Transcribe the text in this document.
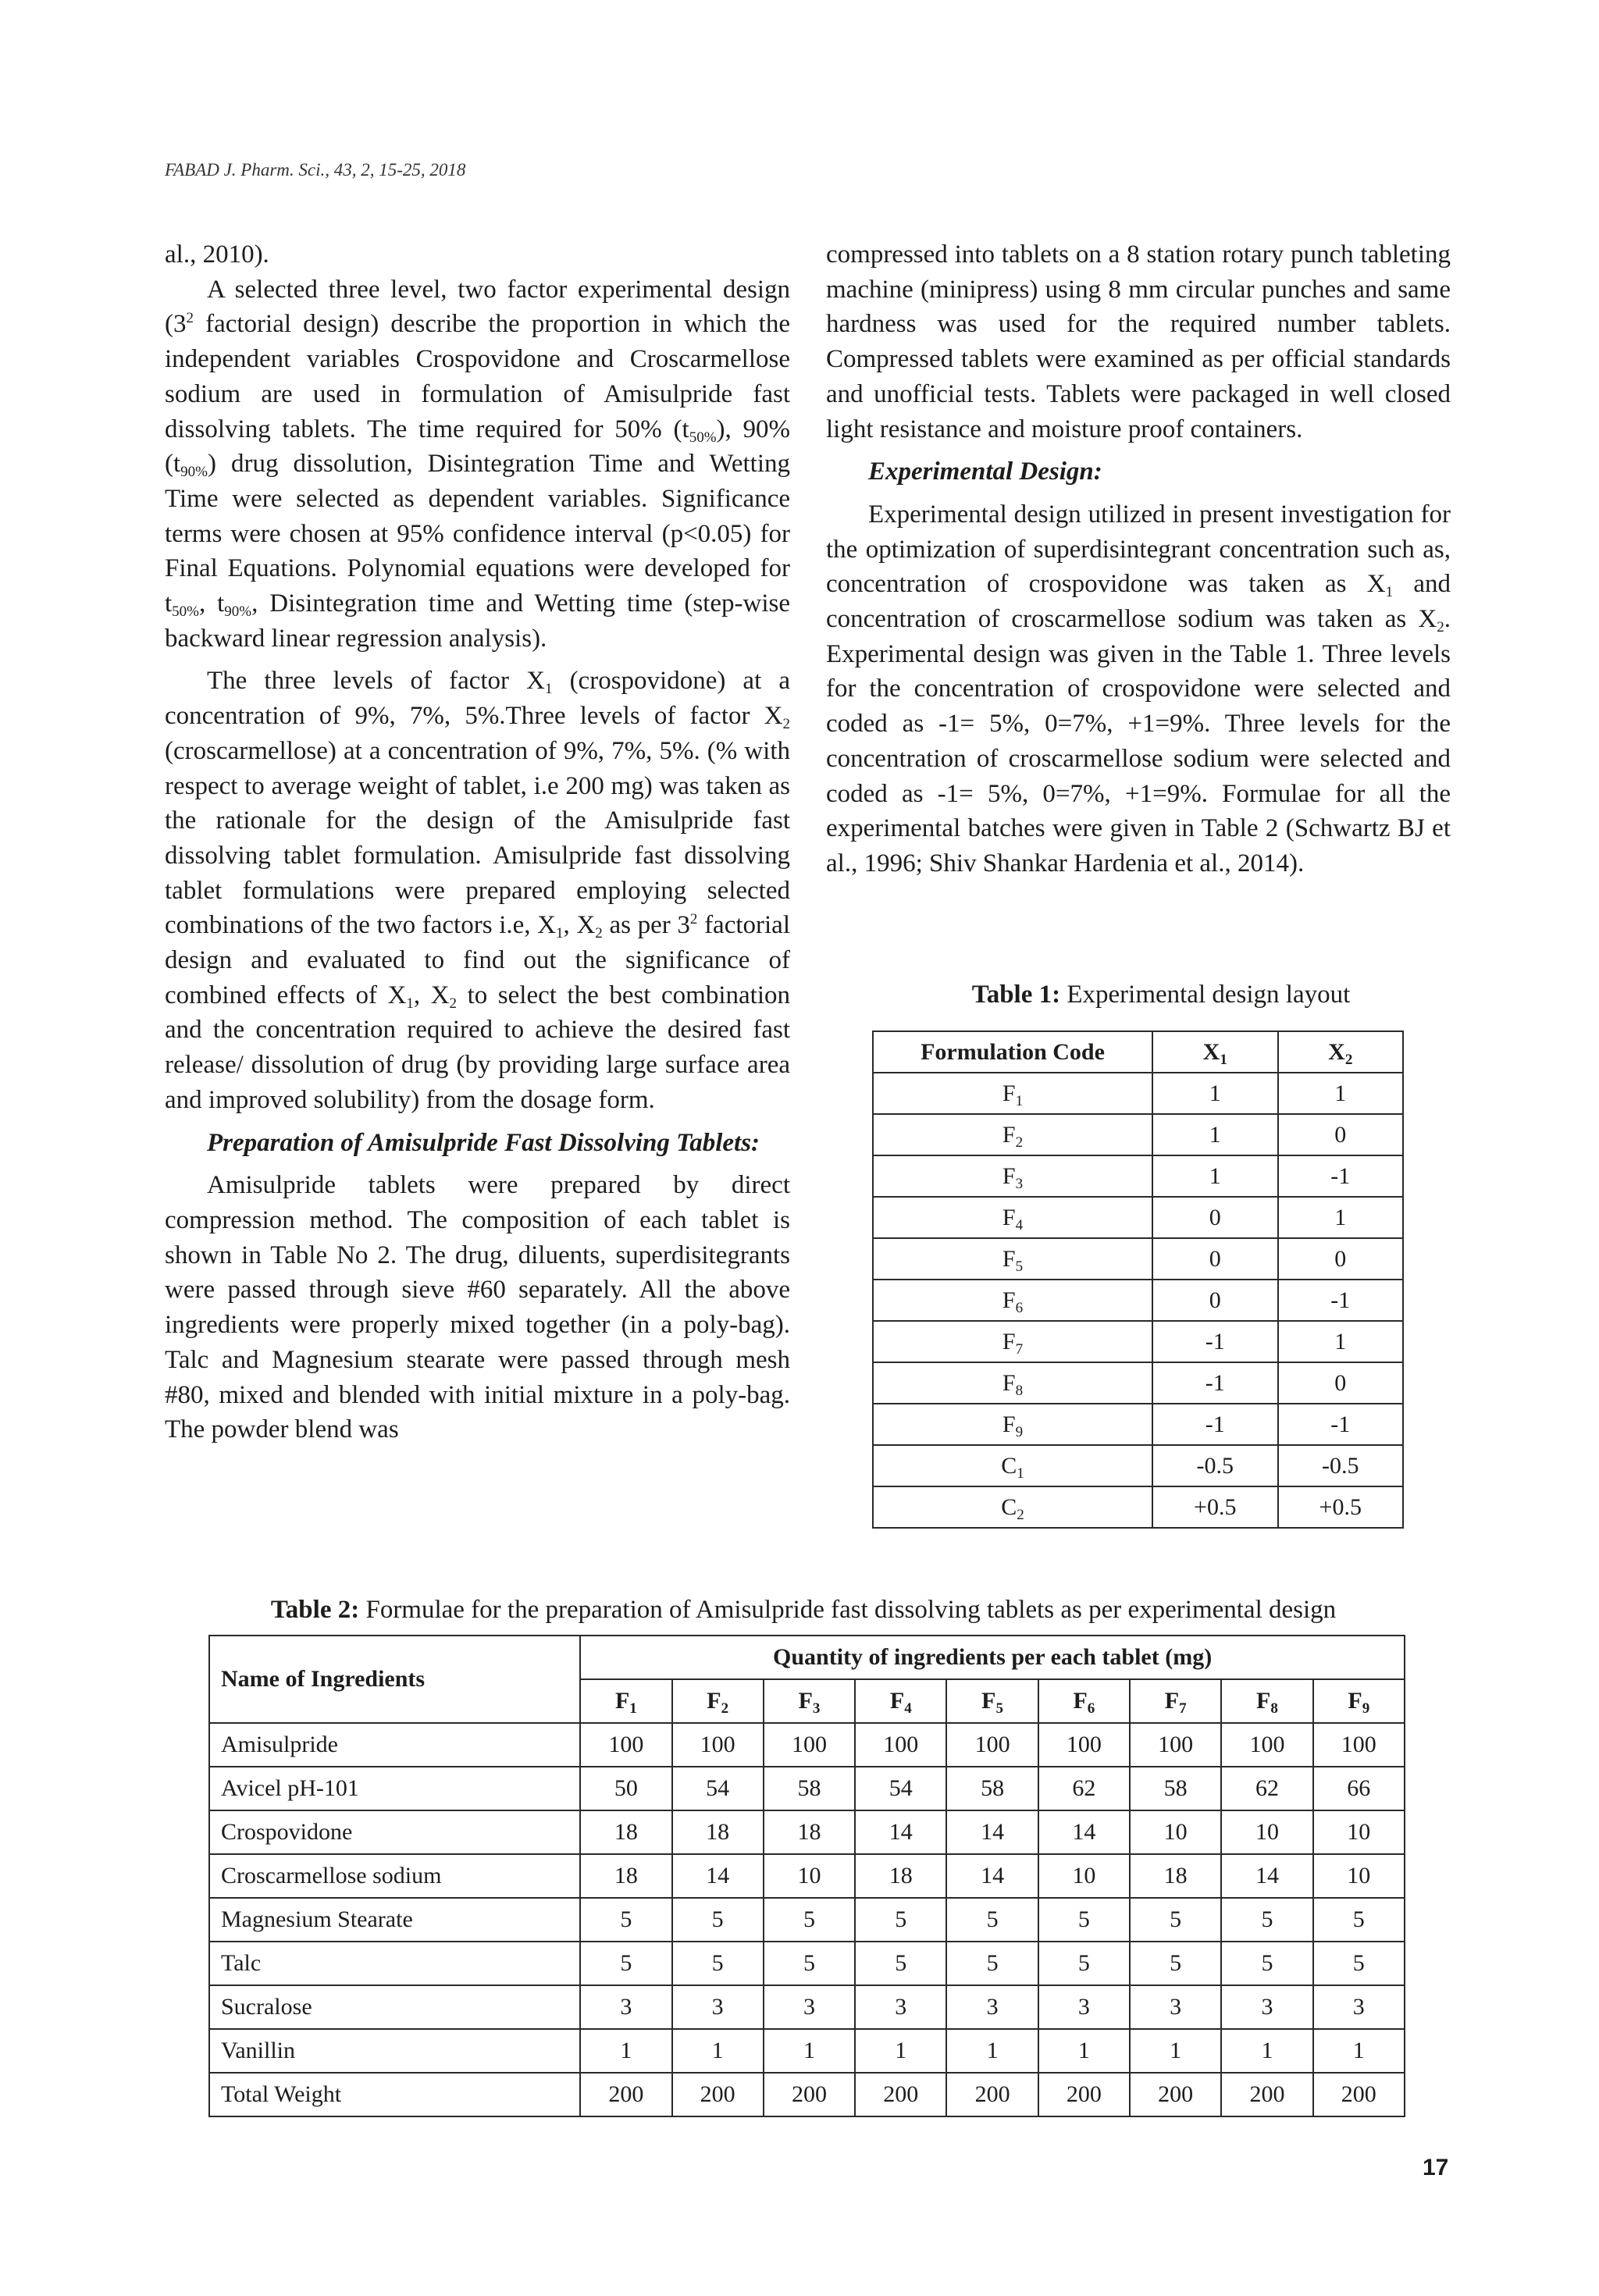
FABAD J. Pharm. Sci., 43, 2, 15-25, 2018

al., 2010).

A selected three level, two factor experimental design ($3^2$ factorial design) describe the proportion in which the independent variables Crospovidone and Croscarmellose sodium are used in formulation of Amisulpride fast dissolving tablets. The time required for 50% $(t_{50\%})$, 90% $(t_{90\%})$ drug dissolution, Disintegration Time and Wetting Time were selected as dependent variables. Significance terms were chosen at 95% confidence interval (p<0.05) for Final Equations. Polynomial equations were developed for $t_{50\%}$, $t_{90\%}$, Disintegration time and Wetting time (step-wise backward linear regression analysis).

The three levels of factor $X_1$ (crospovidone) at a concentration of 9%, 7%, 5%.Three levels of factor $X_2$ (croscarmellose) at a concentration of 9%, 7%, 5%. (% with respect to average weight of tablet, i.e 200 mg) was taken as the rationale for the design of the Amisulpride fast dissolving tablet formulation. Amisulpride fast dissolving tablet formulations were prepared employing selected combinations of the two factors i.e, $X_1$, $X_2$ as per $3^2$ factorial design and evaluated to find out the significance of combined effects of $X_1$, $X_2$ to select the best combination and the concentration required to achieve the desired fast release/ dissolution of drug (by providing large surface area and improved solubility) from the dosage form.

Preparation of Amisulpride Fast Dissolving Tablets:

Amisulpride tablets were prepared by direct compression method. The composition of each tablet is shown in Table No 2. The drug, diluents, superdisitegrants were passed through sieve #60 separately. All the above ingredients were properly mixed together (in a poly-bag). Talc and Magnesium stearate were passed through mesh #80, mixed and blended with initial mixture in a poly-bag. The powder blend was

compressed into tablets on a 8 station rotary punch tableting machine (minipress) using 8 mm circular punches and same hardness was used for the required number tablets. Compressed tablets were examined as per official standards and unofficial tests. Tablets were packaged in well closed light resistance and moisture proof containers.

Experimental Design:

Experimental design utilized in present investigation for the optimization of superdisintegrant concentration such as, concentration of crospovidone was taken as $X_1$ and concentration of croscarmellose sodium was taken as $X_2$. Experimental design was given in the Table 1. Three levels for the concentration of crospovidone were selected and coded as -1= 5%, 0=7%, +1=9%. Three levels for the concentration of croscarmellose sodium were selected and coded as -1= 5%, 0=7%, +1=9%. Formulae for all the experimental batches were given in Table 2 (Schwartz BJ et al., 1996; Shiv Shankar Hardenia et al., 2014).

Table 1: Experimental design layout
Formulation Code	$X_1$	$X_2$
$F_1$	1	1
$F_2$	1	0
$F_3$	1	-1
$F_4$	0	1
$F_5$	0	0
$F_6$	0	-1
$F_7$	-1	1
$F_8$	-1	0
$F_9$	-1	-1
$C_1$	-0.5	-0.5
$C_2$	+0.5	+0.5
Table 2: Formulae for the preparation of Amisulpride fast dissolving tablets as per experimental design
Name of Ingredients	Quantity of ingredients per each tablet (mg)								
	$F_1$	$F_2$	$F_3$	$F_4$	$F_5$	$F_6$	$F_7$	$F_8$	$F_9$
Amisulpride	100	100	100	100	100	100	100	100	100
Avicel pH-101	50	54	58	54	58	62	58	62	66
Crospovidone	18	18	18	14	14	14	10	10	10
Croscarmellose sodium	18	14	10	18	14	10	18	14	10
Magnesium Stearate	5	5	5	5	5	5	5	5	5
Talc	5	5	5	5	5	5	5	5	5
Sucralose	3	3	3	3	3	3	3	3	3
Vanillin	1	1	1	1	1	1	1	1	1
Total Weight	200	200	200	200	200	200	200	200	200
17
